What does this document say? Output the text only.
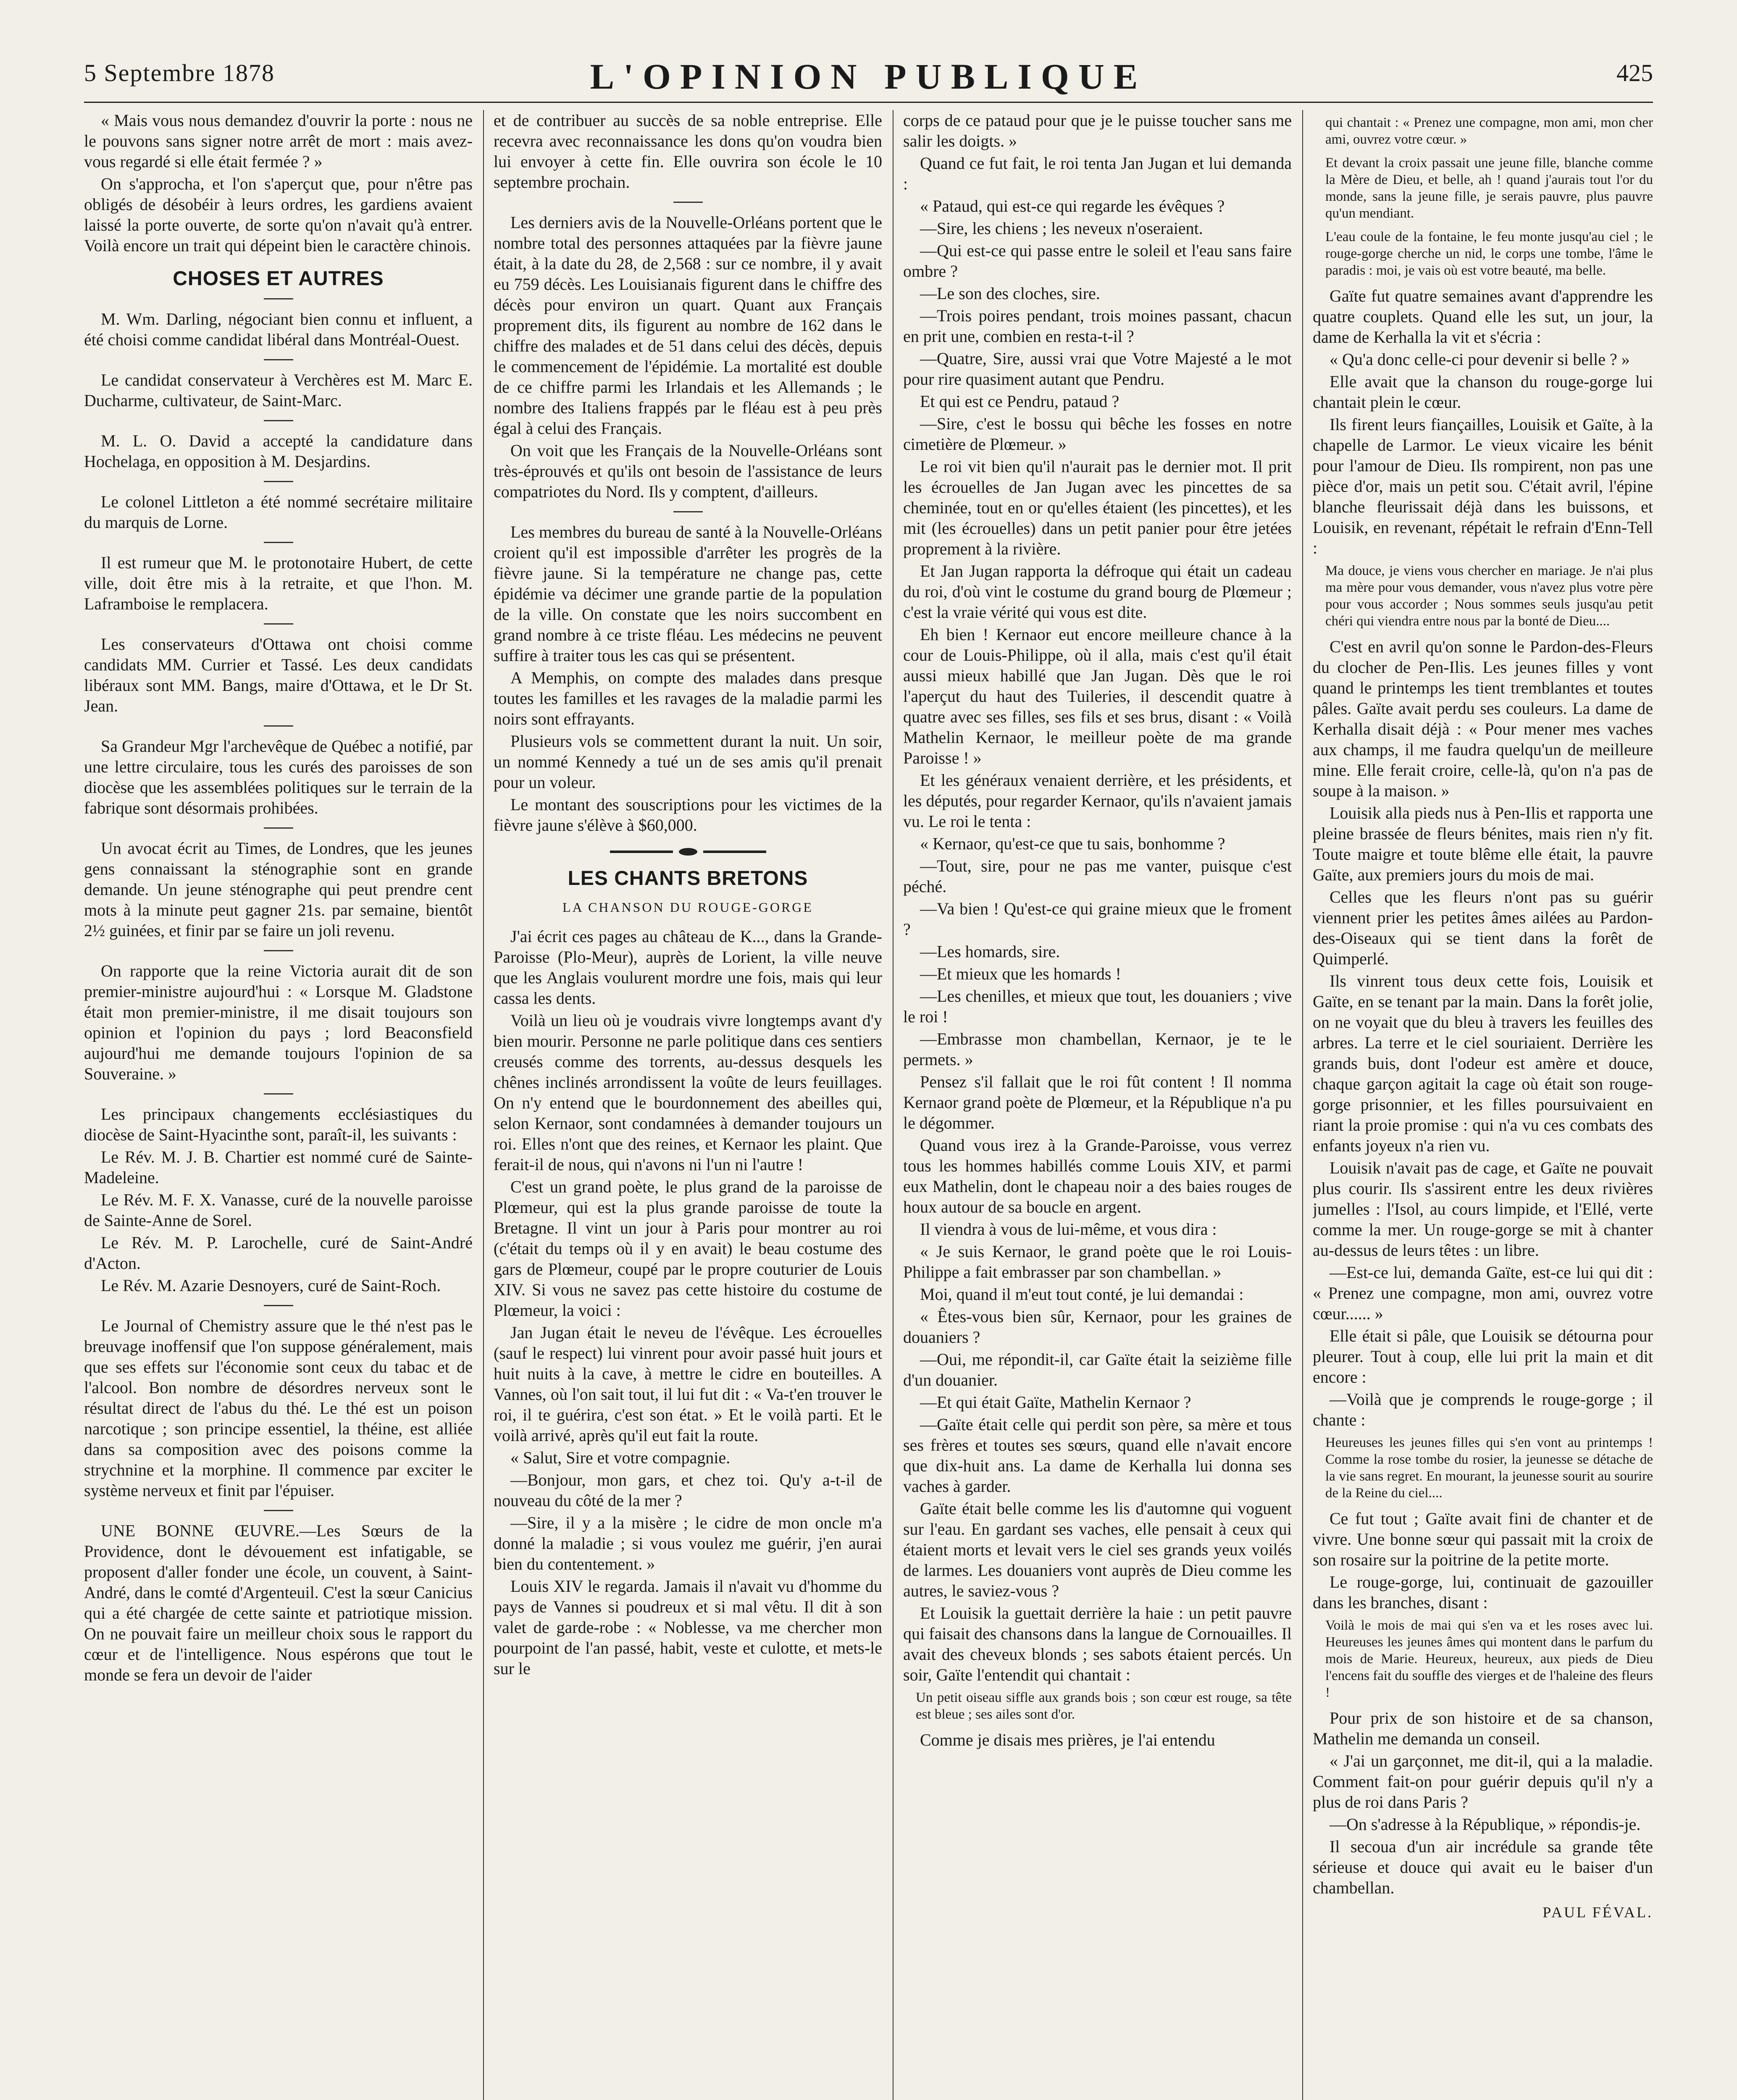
5 Septembre 1878	L'OPINION PUBLIQUE	425

« Mais vous nous demandez d'ouvrir la porte : nous ne le pouvons sans signer notre arrêt de mort : mais avez-vous regardé si elle était fermée ? »

On s'approcha, et l'on s'aperçut que, pour n'être pas obligés de désobéir à leurs ordres, les gardiens avaient laissé la porte ouverte, de sorte qu'on n'avait qu'à entrer. Voilà encore un trait qui dépeint bien le caractère chinois.

CHOSES ET AUTRES

M. Wm. Darling, négociant bien connu et influent, a été choisi comme candidat libéral dans Montréal-Ouest.

Le candidat conservateur à Verchères est M. Marc E. Ducharme, cultivateur, de Saint-Marc.

M. L. O. David a accepté la candidature dans Hochelaga, en opposition à M. Desjardins.

Le colonel Littleton a été nommé secrétaire militaire du marquis de Lorne.

Il est rumeur que M. le protonotaire Hubert, de cette ville, doit être mis à la retraite, et que l'hon. M. Laframboise le remplacera.

Les conservateurs d'Ottawa ont choisi comme candidats MM. Currier et Tassé. Les deux candidats libéraux sont MM. Bangs, maire d'Ottawa, et le Dr St. Jean.

Sa Grandeur Mgr l'archevêque de Québec a notifié, par une lettre circulaire, tous les curés des paroisses de son diocèse que les assemblées politiques sur le terrain de la fabrique sont désormais prohibées.

Un avocat écrit au Times, de Londres, que les jeunes gens connaissant la sténographie sont en grande demande. Un jeune sténographe qui peut prendre cent mots à la minute peut gagner 21s. par semaine, bientôt 2½ guinées, et finir par se faire un joli revenu.

On rapporte que la reine Victoria aurait dit de son premier-ministre aujourd'hui : « Lorsque M. Gladstone était mon premier-ministre, il me disait toujours son opinion et l'opinion du pays ; lord Beaconsfield aujourd'hui me demande toujours l'opinion de sa Souveraine. »

Les principaux changements ecclésiastiques du diocèse de Saint-Hyacinthe sont, paraît-il, les suivants :

Le Rév. M. J. B. Chartier est nommé curé de Sainte-Madeleine.

Le Rév. M. F. X. Vanasse, curé de la nouvelle paroisse de Sainte-Anne de Sorel.

Le Rév. M. P. Larochelle, curé de Saint-André d'Acton.

Le Rév. M. Azarie Desnoyers, curé de Saint-Roch.

Le Journal of Chemistry assure que le thé n'est pas le breuvage inoffensif que l'on suppose généralement, mais que ses effets sur l'économie sont ceux du tabac et de l'alcool. Bon nombre de désordres nerveux sont le résultat direct de l'abus du thé. Le thé est un poison narcotique ; son principe essentiel, la théine, est alliée dans sa composition avec des poisons comme la strychnine et la morphine. Il commence par exciter le système nerveux et finit par l'épuiser.

UNE BONNE ŒUVRE.—Les Sœurs de la Providence, dont le dévouement est infatigable, se proposent d'aller fonder une école, un couvent, à Saint-André, dans le comté d'Argenteuil. C'est la sœur Canicius qui a été chargée de cette sainte et patriotique mission. On ne pouvait faire un meilleur choix sous le rapport du cœur et de l'intelligence. Nous espérons que tout le monde se fera un devoir de l'aider

et de contribuer au succès de sa noble entreprise. Elle recevra avec reconnaissance les dons qu'on voudra bien lui envoyer à cette fin. Elle ouvrira son école le 10 septembre prochain.

Les derniers avis de la Nouvelle-Orléans portent que le nombre total des personnes attaquées par la fièvre jaune était, à la date du 28, de 2,568 : sur ce nombre, il y avait eu 759 décès. Les Louisianais figurent dans le chiffre des décès pour environ un quart. Quant aux Français proprement dits, ils figurent au nombre de 162 dans le chiffre des malades et de 51 dans celui des décès, depuis le commencement de l'épidémie. La mortalité est double de ce chiffre parmi les Irlandais et les Allemands ; le nombre des Italiens frappés par le fléau est à peu près égal à celui des Français.

On voit que les Français de la Nouvelle-Orléans sont très-éprouvés et qu'ils ont besoin de l'assistance de leurs compatriotes du Nord. Ils y comptent, d'ailleurs.

Les membres du bureau de santé à la Nouvelle-Orléans croient qu'il est impossible d'arrêter les progrès de la fièvre jaune. Si la température ne change pas, cette épidémie va décimer une grande partie de la population de la ville. On constate que les noirs succombent en grand nombre à ce triste fléau. Les médecins ne peuvent suffire à traiter tous les cas qui se présentent.

A Memphis, on compte des malades dans presque toutes les familles et les ravages de la maladie parmi les noirs sont effrayants.

Plusieurs vols se commettent durant la nuit. Un soir, un nommé Kennedy a tué un de ses amis qu'il prenait pour un voleur.

Le montant des souscriptions pour les victimes de la fièvre jaune s'élève à $60,000.

LES CHANTS BRETONS
LA CHANSON DU ROUGE-GORGE

J'ai écrit ces pages au château de K..., dans la Grande-Paroisse (Plo-Meur), auprès de Lorient, la ville neuve que les Anglais voulurent mordre une fois, mais qui leur cassa les dents.

Voilà un lieu où je voudrais vivre longtemps avant d'y bien mourir. Personne ne parle politique dans ces sentiers creusés comme des torrents, au-dessus desquels les chênes inclinés arrondissent la voûte de leurs feuillages. On n'y entend que le bourdonnement des abeilles qui, selon Kernaor, sont condamnées à demander toujours un roi. Elles n'ont que des reines, et Kernaor les plaint. Que ferait-il de nous, qui n'avons ni l'un ni l'autre !

C'est un grand poète, le plus grand de la paroisse de Plœmeur, qui est la plus grande paroisse de toute la Bretagne. Il vint un jour à Paris pour montrer au roi (c'était du temps où il y en avait) le beau costume des gars de Plœmeur, coupé par le propre couturier de Louis XIV. Si vous ne savez pas cette histoire du costume de Plœmeur, la voici :

Jan Jugan était le neveu de l'évêque. Les écrouelles (sauf le respect) lui vinrent pour avoir passé huit jours et huit nuits à la cave, à mettre le cidre en bouteilles. A Vannes, où l'on sait tout, il lui fut dit : « Va-t'en trouver le roi, il te guérira, c'est son état. » Et le voilà parti. Et le voilà arrivé, après qu'il eut fait la route.

« Salut, Sire et votre compagnie.

—Bonjour, mon gars, et chez toi. Qu'y a-t-il de nouveau du côté de la mer ?

—Sire, il y a la misère ; le cidre de mon oncle m'a donné la maladie ; si vous voulez me guérir, j'en aurai bien du contentement. »

Louis XIV le regarda. Jamais il n'avait vu d'homme du pays de Vannes si poudreux et si mal vêtu. Il dit à son valet de garde-robe : « Noblesse, va me chercher mon pourpoint de l'an passé, habit, veste et culotte, et mets-le sur le

corps de ce pataud pour que je le puisse toucher sans me salir les doigts. »

Quand ce fut fait, le roi tenta Jan Jugan et lui demanda :

« Pataud, qui est-ce qui regarde les évêques ?

—Sire, les chiens ; les neveux n'oseraient.

—Qui est-ce qui passe entre le soleil et l'eau sans faire ombre ?

—Le son des cloches, sire.

—Trois poires pendant, trois moines passant, chacun en prit une, combien en resta-t-il ?

—Quatre, Sire, aussi vrai que Votre Majesté a le mot pour rire quasiment autant que Pendru.

Et qui est ce Pendru, pataud ?

—Sire, c'est le bossu qui bêche les fosses en notre cimetière de Plœmeur. »

Le roi vit bien qu'il n'aurait pas le dernier mot. Il prit les écrouelles de Jan Jugan avec les pincettes de sa cheminée, tout en or qu'elles étaient (les pincettes), et les mit (les écrouelles) dans un petit panier pour être jetées proprement à la rivière.

Et Jan Jugan rapporta la défroque qui était un cadeau du roi, d'où vint le costume du grand bourg de Plœmeur ; c'est la vraie vérité qui vous est dite.

Eh bien ! Kernaor eut encore meilleure chance à la cour de Louis-Philippe, où il alla, mais c'est qu'il était aussi mieux habillé que Jan Jugan. Dès que le roi l'aperçut du haut des Tuileries, il descendit quatre à quatre avec ses filles, ses fils et ses brus, disant : « Voilà Mathelin Kernaor, le meilleur poète de ma grande Paroisse ! »

Et les généraux venaient derrière, et les présidents, et les députés, pour regarder Kernaor, qu'ils n'avaient jamais vu. Le roi le tenta :

« Kernaor, qu'est-ce que tu sais, bonhomme ?

—Tout, sire, pour ne pas me vanter, puisque c'est péché.

—Va bien ! Qu'est-ce qui graine mieux que le froment ?

—Les homards, sire.

—Et mieux que les homards !

—Les chenilles, et mieux que tout, les douaniers ; vive le roi !

—Embrasse mon chambellan, Kernaor, je te le permets. »

Pensez s'il fallait que le roi fût content ! Il nomma Kernaor grand poète de Plœmeur, et la République n'a pu le dégommer.

Quand vous irez à la Grande-Paroisse, vous verrez tous les hommes habillés comme Louis XIV, et parmi eux Mathelin, dont le chapeau noir a des baies rouges de houx autour de sa boucle en argent.

Il viendra à vous de lui-même, et vous dira :

« Je suis Kernaor, le grand poète que le roi Louis-Philippe a fait embrasser par son chambellan. »

Moi, quand il m'eut tout conté, je lui demandai :

« Êtes-vous bien sûr, Kernaor, pour les graines de douaniers ?

—Oui, me répondit-il, car Gaïte était la seizième fille d'un douanier.

—Et qui était Gaïte, Mathelin Kernaor ?

—Gaïte était celle qui perdit son père, sa mère et tous ses frères et toutes ses sœurs, quand elle n'avait encore que dix-huit ans. La dame de Kerhalla lui donna ses vaches à garder.

Gaïte était belle comme les lis d'automne qui voguent sur l'eau. En gardant ses vaches, elle pensait à ceux qui étaient morts et levait vers le ciel ses grands yeux voilés de larmes. Les douaniers vont auprès de Dieu comme les autres, le saviez-vous ?

Et Louisik la guettait derrière la haie : un petit pauvre qui faisait des chansons dans la langue de Cornouailles. Il avait des cheveux blonds ; ses sabots étaient percés. Un soir, Gaïte l'entendit qui chantait :

Un petit oiseau siffle aux grands bois ; son cœur est rouge, sa tête est bleue ; ses ailes sont d'or.

Comme je disais mes prières, je l'ai entendu

qui chantait : « Prenez une compagne, mon ami, mon cher ami, ouvrez votre cœur. »

Et devant la croix passait une jeune fille, blanche comme la Mère de Dieu, et belle, ah ! quand j'aurais tout l'or du monde, sans la jeune fille, je serais pauvre, plus pauvre qu'un mendiant.

L'eau coule de la fontaine, le feu monte jusqu'au ciel ; le rouge-gorge cherche un nid, le corps une tombe, l'âme le paradis : moi, je vais où est votre beauté, ma belle.

Gaïte fut quatre semaines avant d'apprendre les quatre couplets. Quand elle les sut, un jour, la dame de Kerhalla la vit et s'écria :

« Qu'a donc celle-ci pour devenir si belle ? »

Elle avait que la chanson du rouge-gorge lui chantait plein le cœur.

Ils firent leurs fiançailles, Louisik et Gaïte, à la chapelle de Larmor. Le vieux vicaire les bénit pour l'amour de Dieu. Ils rompirent, non pas une pièce d'or, mais un petit sou. C'était avril, l'épine blanche fleurissait déjà dans les buissons, et Louisik, en revenant, répétait le refrain d'Enn-Tell :

Ma douce, je viens vous chercher en mariage. Je n'ai plus ma mère pour vous demander, vous n'avez plus votre père pour vous accorder ; Nous sommes seuls jusqu'au petit chéri qui viendra entre nous par la bonté de Dieu....

C'est en avril qu'on sonne le Pardon-des-Fleurs du clocher de Pen-Ilis. Les jeunes filles y vont quand le printemps les tient tremblantes et toutes pâles. Gaïte avait perdu ses couleurs. La dame de Kerhalla disait déjà : « Pour mener mes vaches aux champs, il me faudra quelqu'un de meilleure mine. Elle ferait croire, celle-là, qu'on n'a pas de soupe à la maison. »

Louisik alla pieds nus à Pen-Ilis et rapporta une pleine brassée de fleurs bénites, mais rien n'y fit. Toute maigre et toute blême elle était, la pauvre Gaïte, aux premiers jours du mois de mai.

Celles que les fleurs n'ont pas su guérir viennent prier les petites âmes ailées au Pardon-des-Oiseaux qui se tient dans la forêt de Quimperlé.

Ils vinrent tous deux cette fois, Louisik et Gaïte, en se tenant par la main. Dans la forêt jolie, on ne voyait que du bleu à travers les feuilles des arbres. La terre et le ciel souriaient. Derrière les grands buis, dont l'odeur est amère et douce, chaque garçon agitait la cage où était son rouge-gorge prisonnier, et les filles poursuivaient en riant la proie promise : qui n'a vu ces combats des enfants joyeux n'a rien vu.

Louisik n'avait pas de cage, et Gaïte ne pouvait plus courir. Ils s'assirent entre les deux rivières jumelles : l'Isol, au cours limpide, et l'Ellé, verte comme la mer. Un rouge-gorge se mit à chanter au-dessus de leurs têtes : un libre.

—Est-ce lui, demanda Gaïte, est-ce lui qui dit : « Prenez une compagne, mon ami, ouvrez votre cœur...... »

Elle était si pâle, que Louisik se détourna pour pleurer. Tout à coup, elle lui prit la main et dit encore :

—Voilà que je comprends le rouge-gorge ; il chante :

Heureuses les jeunes filles qui s'en vont au printemps ! Comme la rose tombe du rosier, la jeunesse se détache de la vie sans regret. En mourant, la jeunesse sourit au sourire de la Reine du ciel....

Ce fut tout ; Gaïte avait fini de chanter et de vivre. Une bonne sœur qui passait mit la croix de son rosaire sur la poitrine de la petite morte.

Le rouge-gorge, lui, continuait de gazouiller dans les branches, disant :

Voilà le mois de mai qui s'en va et les roses avec lui. Heureuses les jeunes âmes qui montent dans le parfum du mois de Marie. Heureux, heureux, aux pieds de Dieu l'encens fait du souffle des vierges et de l'haleine des fleurs !

Pour prix de son histoire et de sa chanson, Mathelin me demanda un conseil.

« J'ai un garçonnet, me dit-il, qui a la maladie. Comment fait-on pour guérir depuis qu'il n'y a plus de roi dans Paris ?

—On s'adresse à la République, » répondis-je.

Il secoua d'un air incrédule sa grande tête sérieuse et douce qui avait eu le baiser d'un chambellan.

PAUL FÉVAL.
